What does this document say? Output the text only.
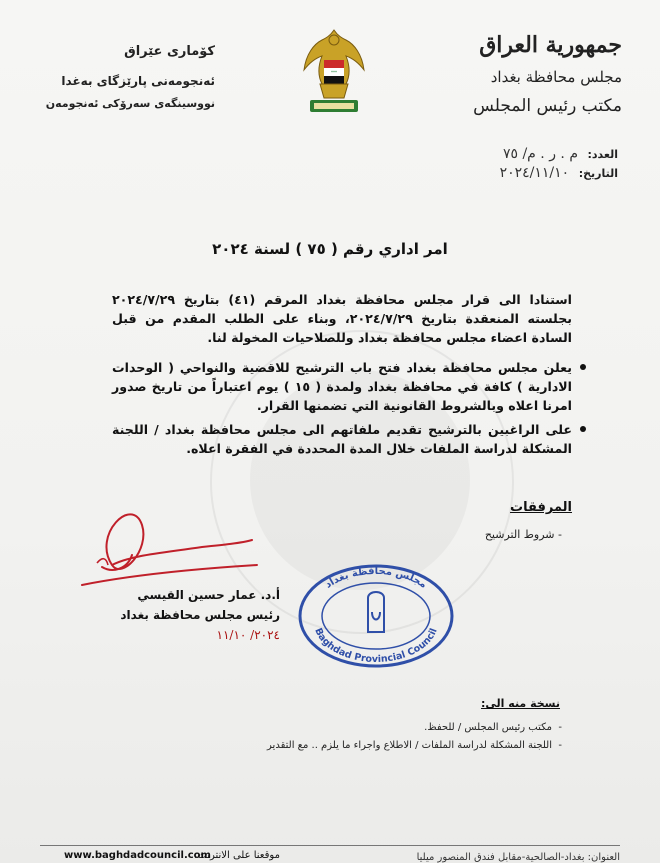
کۆماری عێراق
ئەنجومەنی پارێزگای بەغدا
نووسینگەی سەرۆکی ئەنجومەن
***
جمهورية العراق
مجلس محافظة بغداد
مكتب رئيس المجلس
العدد: م . ر . م/ ٧٥
التاريخ: ٢٠٢٤/١١/١٠
امر اداري رقم ( ٧٥ ) لسنة ٢٠٢٤
استنادا الى قرار مجلس محافظة بغداد المرقم (٤١) بتاريخ ٢٠٢٤/٧/٢٩ بجلسته المنعقدة بتاريخ ٢٠٢٤/٧/٢٩، وبناء على الطلب المقدم من قبل السادة اعضاء مجلس محافظة بغداد وللصلاحيات المخولة لنا.
يعلن مجلس محافظة بغداد فتح باب الترشيح للاقضية والنواحي ( الوحدات الادارية ) كافة في محافظة بغداد ولمدة ( ١٥ ) يوم اعتباراً من تاريخ صدور امرنا اعلاه وبالشروط القانونية التي تضمنها القرار.
على الراغبين بالترشيح تقديم ملفاتهم الى مجلس محافظة بغداد / اللجنة المشكلة لدراسة الملفات خلال المدة المحددة في الفقرة اعلاه.
المرفقات
- شروط الترشيح
أ.د. عمار حسين القيسي
رئيس مجلس محافظة بغداد
٢٠٢٤/ ١١/١٠
مجلس محافظة بغداد
Baghdad Provincial Council
نسخة منه الى:
- مكتب رئيس المجلس / للحفظ.
- اللجنة المشكلة لدراسة الملفات / الاطلاع واجراء ما يلزم .. مع التقدير
www.baghdadcouncil.com
موقعنا على الانترنت:	العنوان: بغداد-الصالحية-مقابل فندق المنصور ميليا
